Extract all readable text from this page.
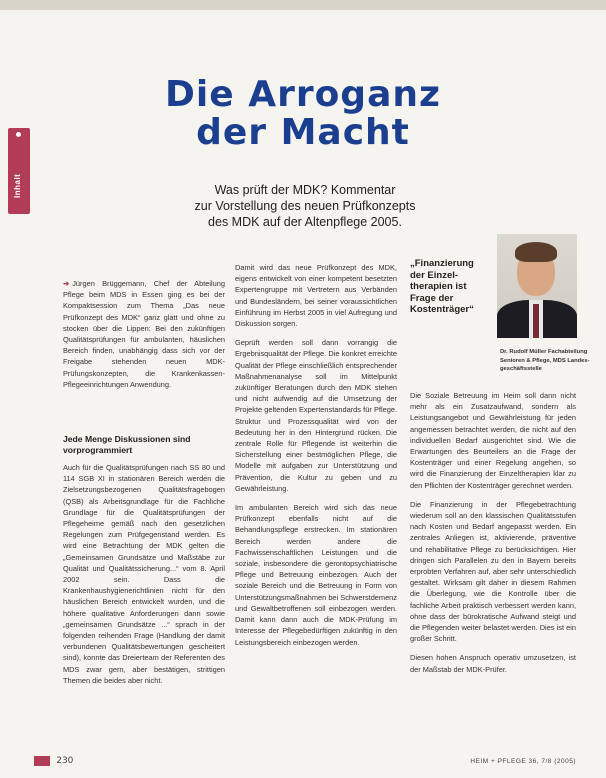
Inhalt
Die Arroganz
der Macht
Was prüft der MDK? Kommentar
zur Vorstellung des neuen Prüfkonzepts
des MDK auf der Altenpflege 2005.
Dr. Rudolf Müller Fachabteilung Senioren & Pflege, MDS Landesgeschäftsstelle
„Finanzierung der Einzeltherapien ist Frage der Kostenträger“

➜ Jürgen Brüggemann, Chef der Abteilung Pflege beim MDS in Essen ging es bei der Kompaktsession zum Thema „Das neue Prüfkonzept des MDK“ ganz glatt und ohne zu stocken über die Lippen: Bei den zukünftigen Qualitätsprüfungen für ambulanten, häuslichen Bereich finden, unabhängig dass sich vor der Freigabe stehenden neuen MDK-Prüfungskonzepten, die Krankenkassen-Pflegeeinrichtungen Anwendung.

Jede Menge Diskussionen sind vorprogrammiert

Auch für die Qualitätsprüfungen nach SS 80 und 114 SGB XI in stationären Bereich werden die Zielsetzungsbezogenen Qualitätsfragebogen (QSB) als Arbeitsgrundlage für die Fachliche Grundlage für die Qualitätsprüfungen der Pflegeheime gemäß nach den gesetzlichen Regelungen zum Prüfgegenstand werden. Es wird eine Betrachtung der MDK gelten die „Gemeinsamen Grundsätze und Maßstäbe zur Qualität und Qualitätssicherung...“ vom 8. April 2002 sein. Dass die Krankenhaushygienerichtlinien nicht für den häuslichen Bereich entwickelt wurden, und die höhere qualitative Anforderungen dann sowie „gemeinsamen Grundsätze ...“ sprach in der folgenden reihenden Frage (Handlung der damit verbundenen Qualitätsbewertungen gescheitert sind), konnte das Dreierteam der Referenten des MDS zwar gern, aber bestätigen, strittigen Themen die beides aber nicht.

Damit wird das neue Prüfkonzept des MDK, eigens entwickelt von einer kompetent besetzten Expertengruppe mit Vertretern aus Verbänden und Bundesländern, bei seiner voraussichtlichen Einführung im Herbst 2005 in viel Aufregung und Diskussion sorgen.

Geprüft werden soll dann vorrangig die Ergebnisqualität der Pflege. Die konkret erreichte Qualität der Pflege einschließlich entsprechender Maßnahmenanalyse soll im Mittelpunkt zukünftiger Beratungen durch den MDK stehen und nicht aufwendig auf die Umsetzung der Projekte geltenden Expertenstandards für Pflege. Struktur und Prozessqualität wird von der Bedeutung her in den Hintergrund rücken. Die zentrale Rolle für Pflegende ist weiterhin die Sicherstellung einer bestmöglichen Pflege, die Modelle mit aufgaben zur Unterstützung und Prävention, die Kultur zu geben und zu Gewährleistung.

Im ambulanten Bereich wird sich das neue Prüfkonzept ebenfalls nicht auf die Behandlungspflege erstrecken. Im stationären Bereich werden andere die Fachwissenschaftlichen Leistungen und die soziale, insbesondere die gerontopsychiatrische Pflege und Betreuung einbezogen. Auch der soziale Bereich und die Betreuung in Form von Unterstützungsmaßnahmen bei Schwerstdemenz und Gewaltbetroffenen soll einbezogen werden. Damit kann dann auch die MDK-Prüfung im Interesse der Pflegebedürftigen zukünftig in den Leistungsbereich einbezogen werden.

Die Soziale Betreuung im Heim soll dann nicht mehr als ein Zusatzaufwand, sondern als Leistungsangebot und Gewährleistung für jeden angemessen betrachtet werden, die nicht auf den individuellen Bedarf ausgerichtet sind. Wie die Erwartungen des Beurteilers an die Frage der Kostenträger und einer Regelung angehen, so wird die Finanzierung der Einzeltherapien klar zu den Pflichten der Kostenträger gerechnet werden.

Die Finanzierung in der Pflegebetrachtung wiederum soll an den klassischen Qualitätsstufen nach Kosten und Bedarf angepasst werden. Ein zentrales Anliegen ist, aktivierende, präventive und rehabilitative Pflege zu berücksichtigen. Hier dringen sich Parallelen zu den in Bayern bereits erprobten Verfahren auf, aber sehr unterschiedlich gestaltet. Wirksam gilt daher in diesem Rahmen die Überlegung, wie die Kontrolle über die fachliche Arbeit praktisch verbessert werden kann, ohne dass der bürokratische Aufwand steigt und die Pflegenden weiter belastet werden. Dies ist ein großer Schritt.

Diesen hohen Anspruch operativ umzusetzen, ist der Maßstab der MDK-Prüfer.

230	HEIM + PFLEGE 36, 7/8 (2005)
